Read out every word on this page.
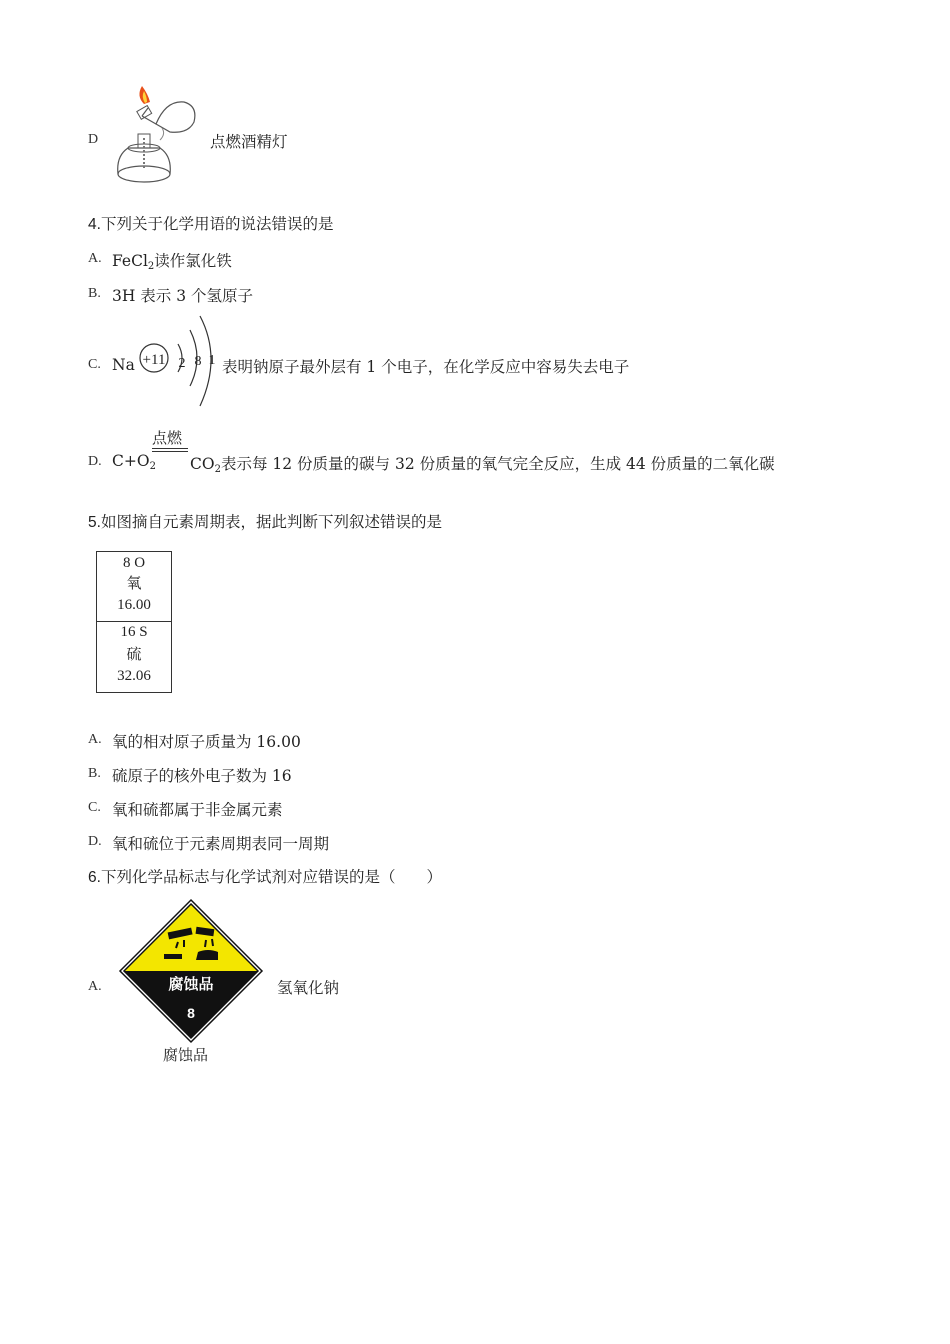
D	点燃酒精灯
4.下列关于化学用语的说法错误的是
A. FeCl$_2$读作氯化铁
B. 3H 表示 3 个氢原子
C. Na +11 2 8 1 表明钠原子最外层有 1 个电子，在化学反应中容易失去电子
D. $C+O_2$
点燃
$CO_2$表示每 12 份质量的碳与 32 份质量的氧气完全反应，生成 44 份质量的二氧化碳
5.如图摘自元素周期表，据此判断下列叙述错误的是
8 O
氧
16.00
16 S
硫
32.06
A. 氧的相对原子质量为 16.00
B. 硫原子的核外电子数为 16
C. 氧和硫都属于非金属元素
D. 氧和硫位于元素周期表同一周期
6.下列化学品标志与化学试剂对应错误的是（　　）
A.	腐蚀品
8
腐蚀品
氢氧化钠
